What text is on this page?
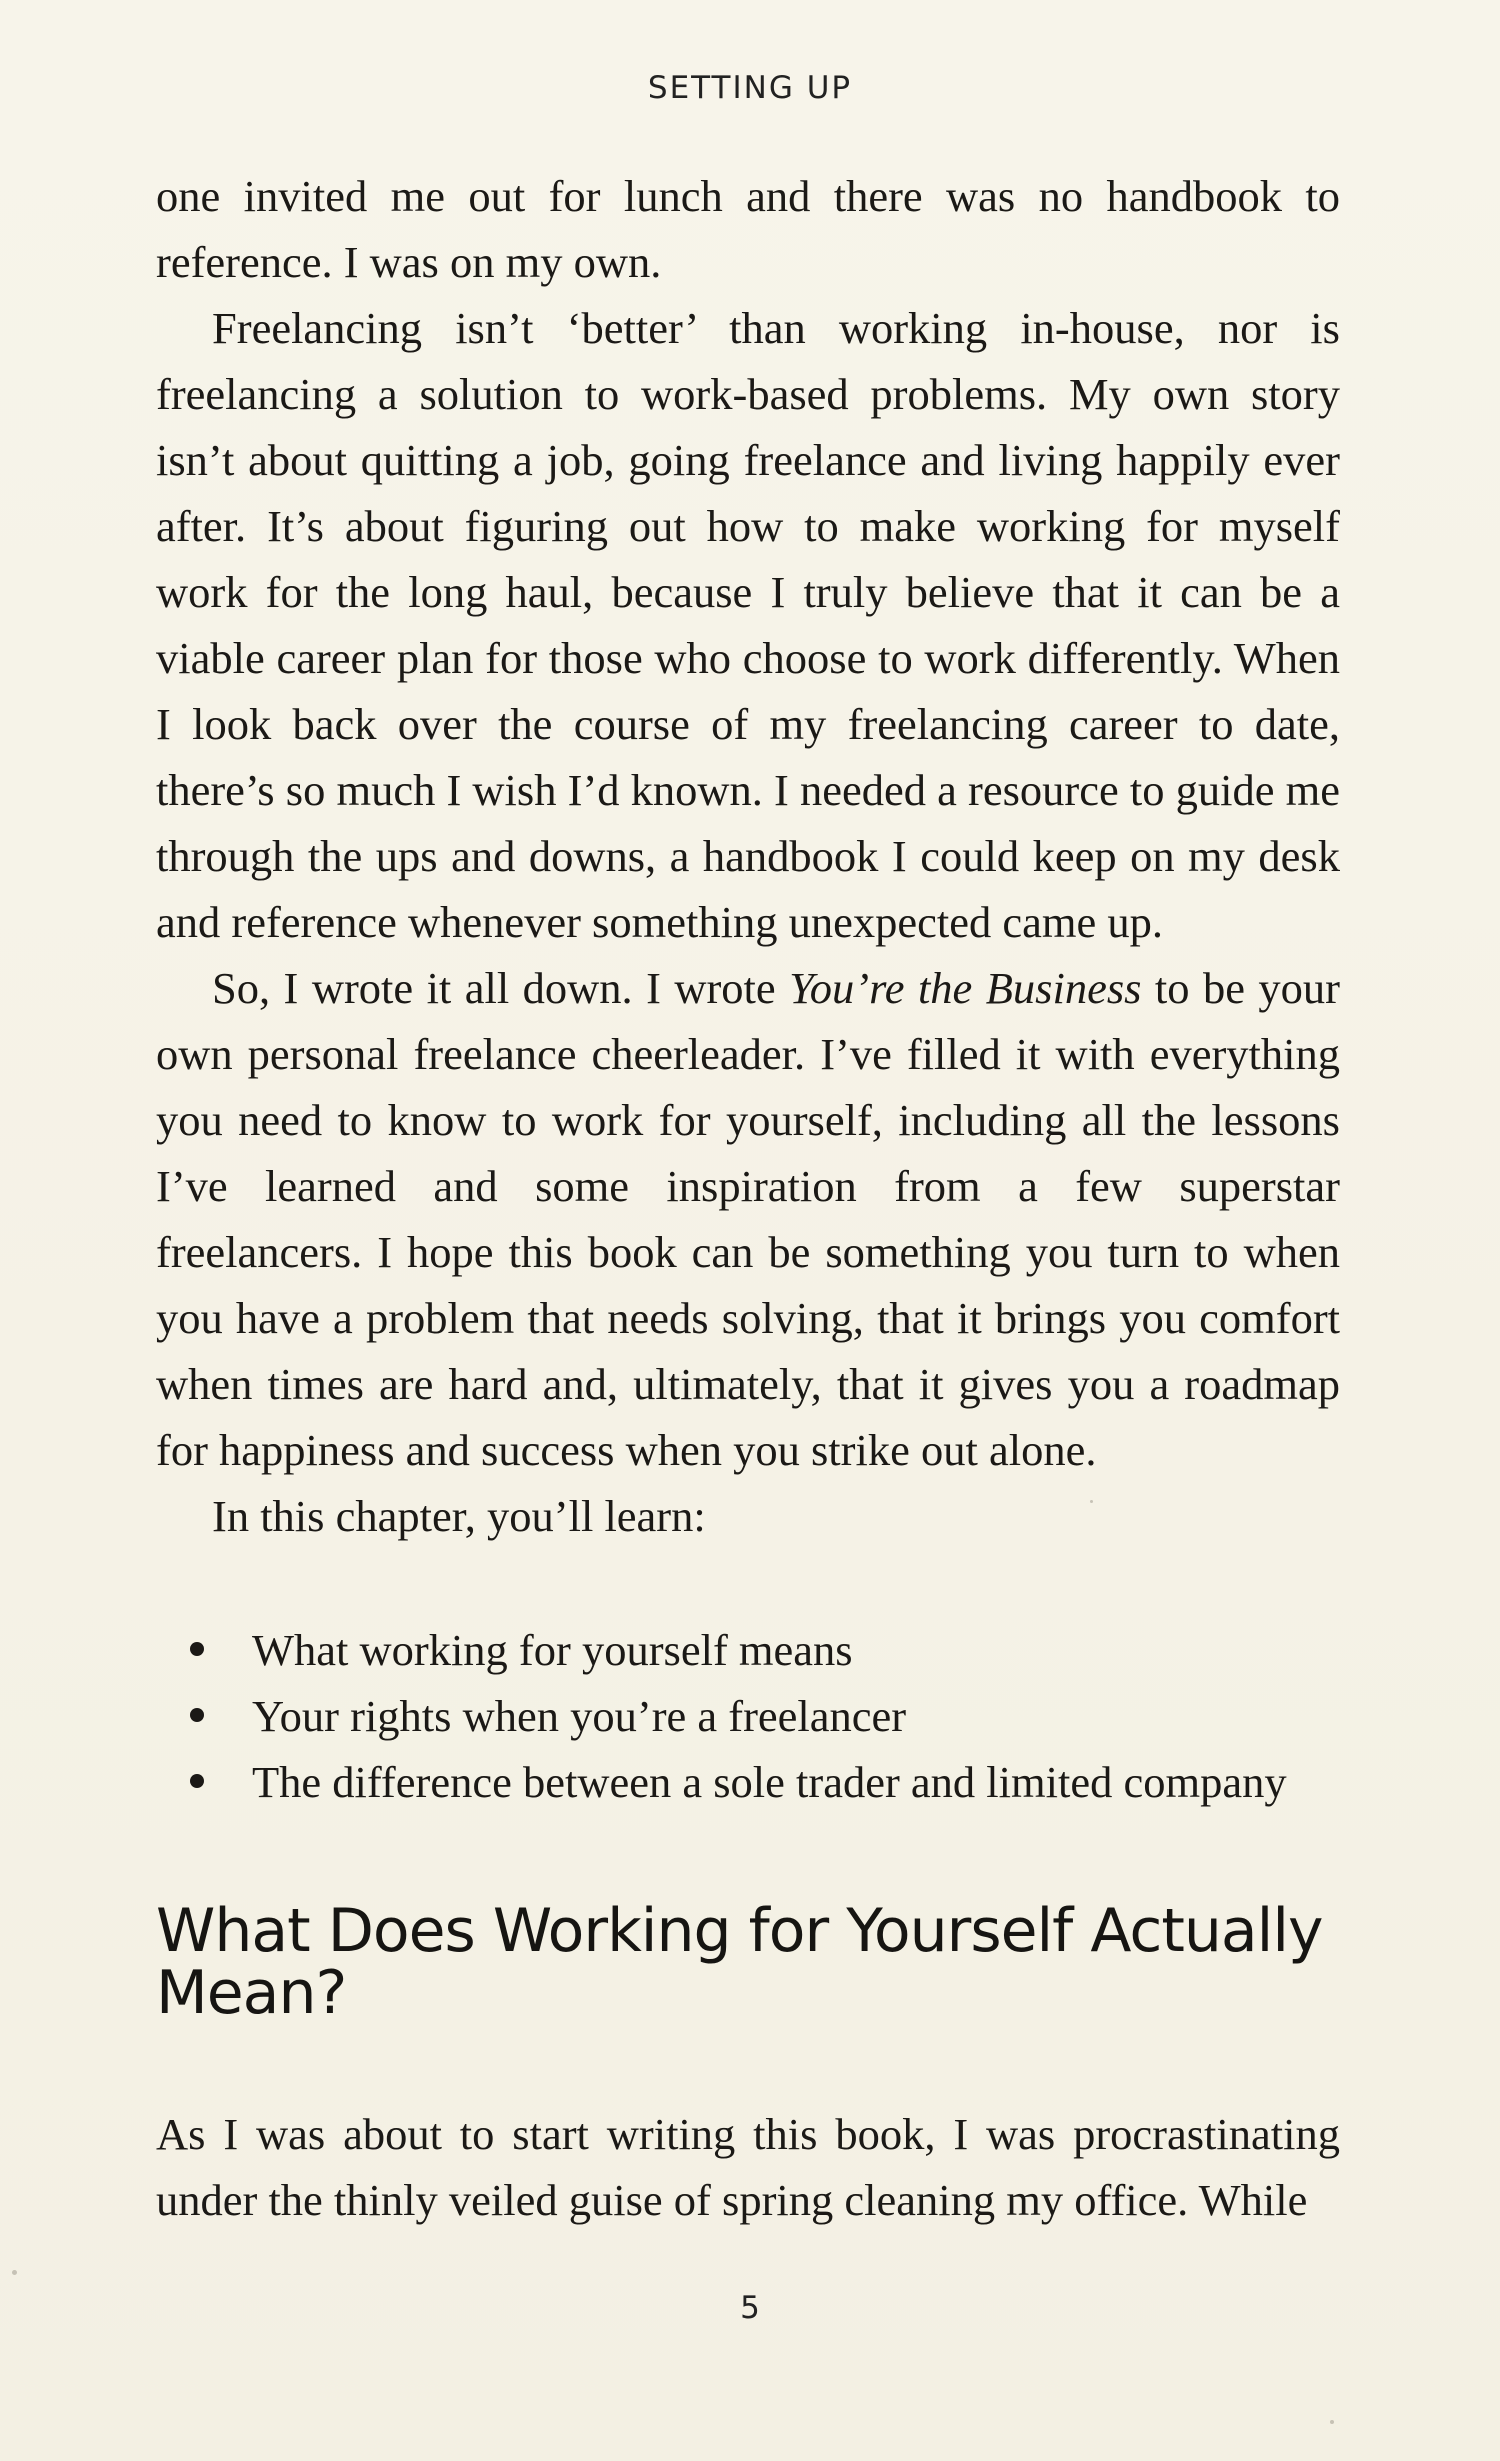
SETTING UP

one invited me out for lunch and there was no handbook to reference. I was on my own.

Freelancing isn’t ‘better’ than working in-house, nor is freelancing a solution to work-based problems. My own story isn’t about quitting a job, going freelance and living happily ever after. It’s about figuring out how to make working for myself work for the long haul, because I truly believe that it can be a viable career plan for those who choose to work differently. When I look back over the course of my freelancing career to date, there’s so much I wish I’d known. I needed a resource to guide me through the ups and downs, a handbook I could keep on my desk and reference whenever something unexpected came up.

So, I wrote it all down. I wrote You’re the Business to be your own personal freelance cheerleader. I’ve filled it with everything you need to know to work for yourself, including all the lessons I’ve learned and some inspiration from a few superstar freelancers. I hope this book can be something you turn to when you have a problem that needs solving, that it brings you comfort when times are hard and, ultimately, that it gives you a roadmap for happiness and success when you strike out alone.

In this chapter, you’ll learn:

What working for yourself means
Your rights when you’re a freelancer
The difference between a sole trader and limited company
What Does Working for Yourself Actually Mean?

As I was about to start writing this book, I was procrastinating under the thinly veiled guise of spring cleaning my office. While

5
